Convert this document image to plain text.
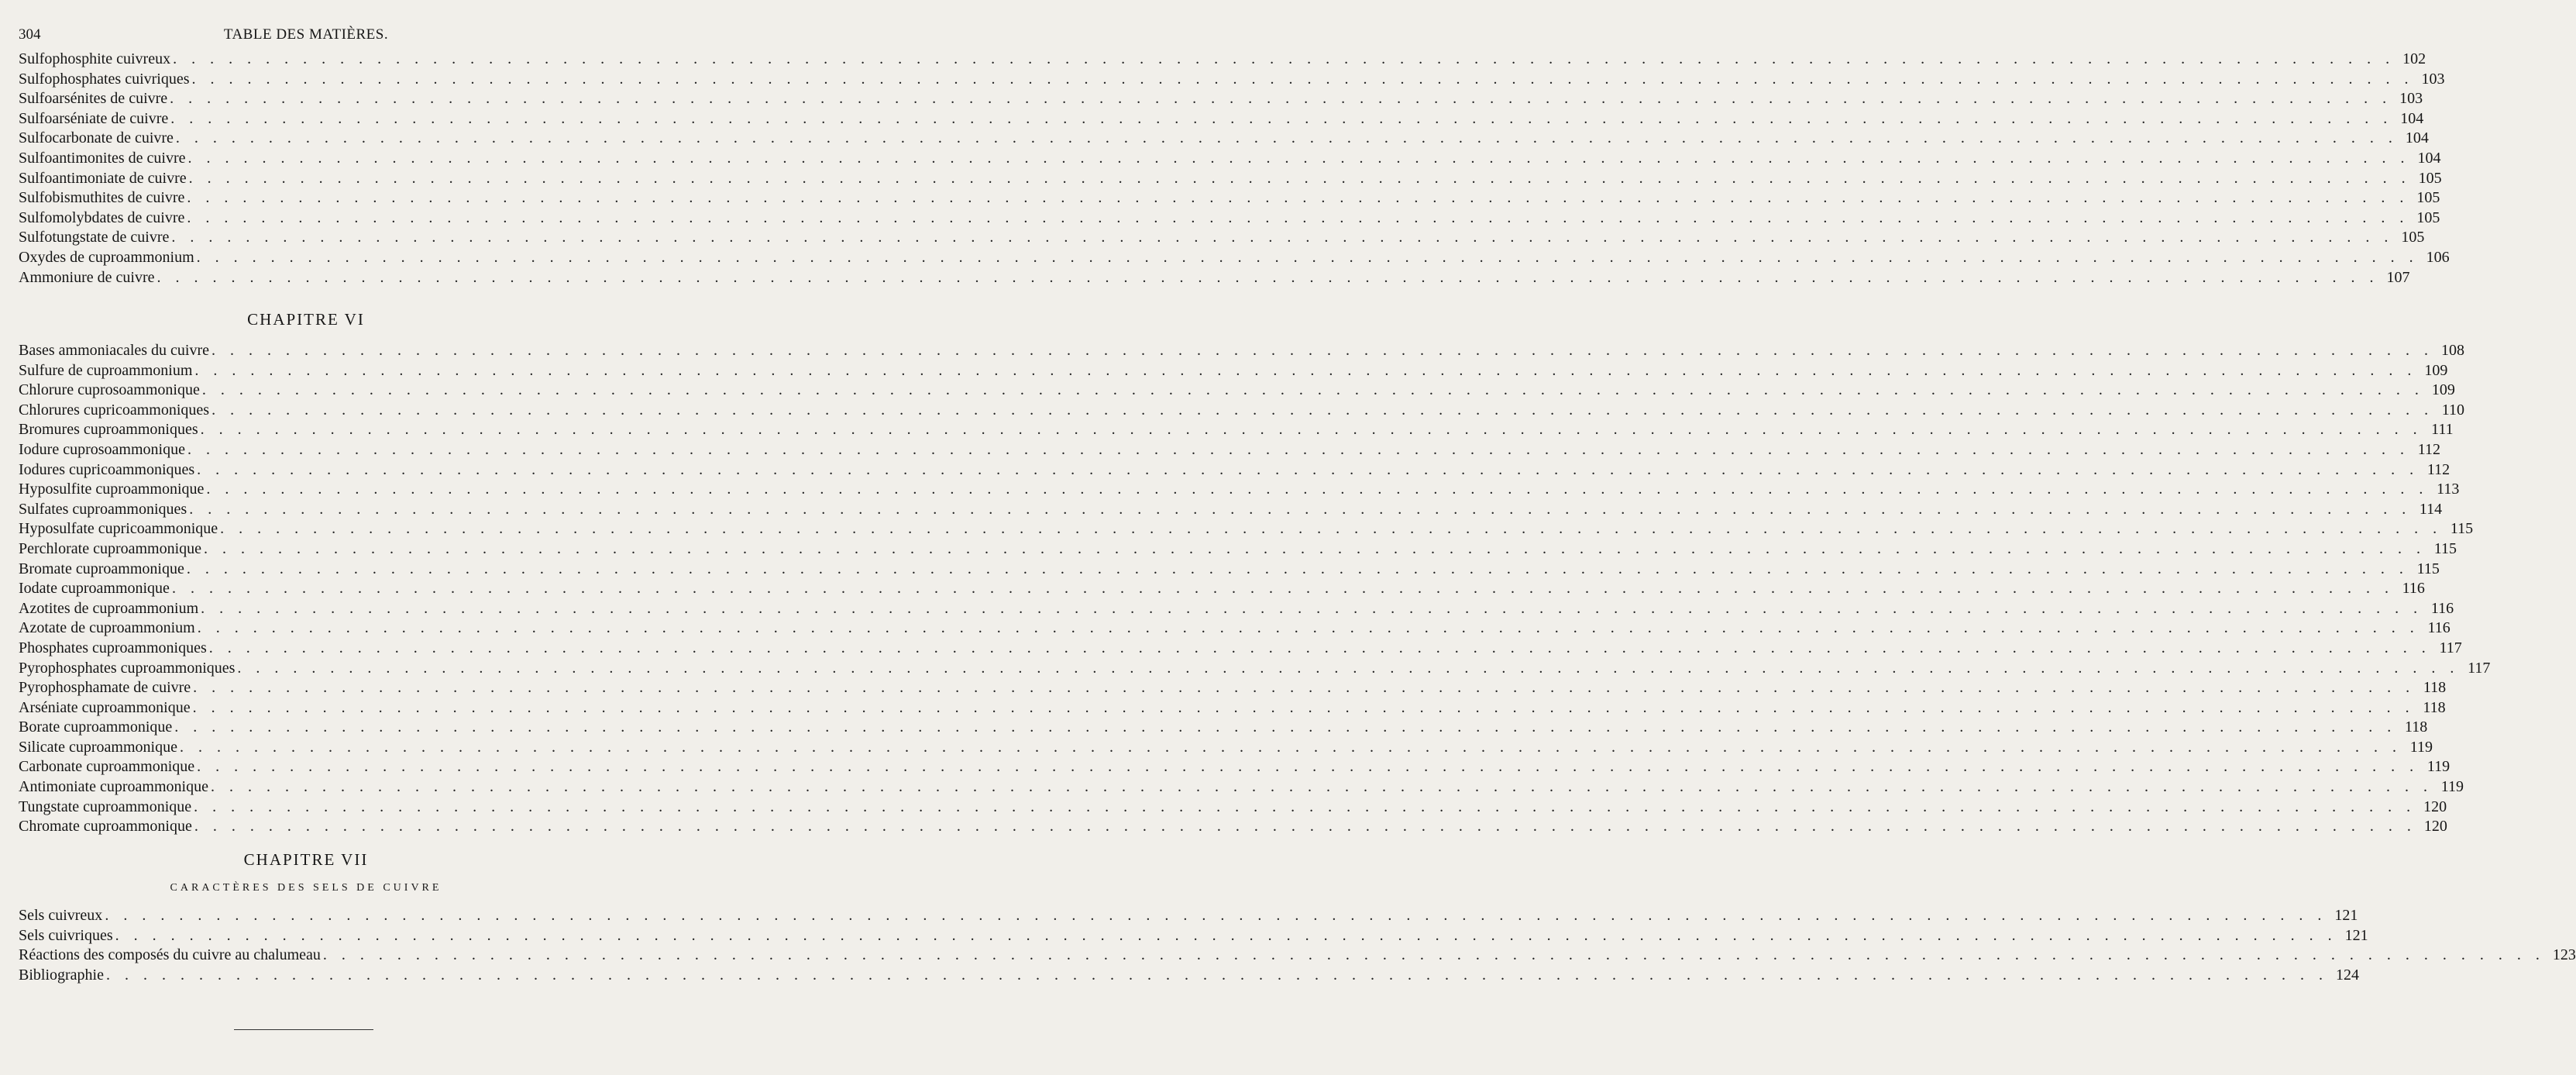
304	TABLE DES MATIÈRES.
Sulfophosphite cuivreux . . . . . . . . . . . . . . . . . . . . . . . . . . . . . . . . . . . . . . . . . . . . . . . . . . . . . . . . . . . . . . . . . . . . . . . . . . . . . . . . . . . . . . . . . . . . . . . . . . . . . . . . . . . . . . . . . . . . . . . . 102
Sulfophosphates cuivriques . . . . . . . . . . . . . . . . . . . . . . . . . . . . . . . . . . . . . . . . . . . . . . . . . . . . . . . . . . . . . . . . . . . . . . . . . . . . . . . . . . . . . . . . . . . . . . . . . . . . . . . . . . . . . . . . . . . . . . . . 103
Sulfoarsénites de cuivre . . . . . . . . . . . . . . . . . . . . . . . . . . . . . . . . . . . . . . . . . . . . . . . . . . . . . . . . . . . . . . . . . . . . . . . . . . . . . . . . . . . . . . . . . . . . . . . . . . . . . . . . . . . . . . . . . . . . . . . . 103
Sulfoarséniate de cuivre . . . . . . . . . . . . . . . . . . . . . . . . . . . . . . . . . . . . . . . . . . . . . . . . . . . . . . . . . . . . . . . . . . . . . . . . . . . . . . . . . . . . . . . . . . . . . . . . . . . . . . . . . . . . . . . . . . . . . . . . 104
Sulfocarbonate de cuivre . . . . . . . . . . . . . . . . . . . . . . . . . . . . . . . . . . . . . . . . . . . . . . . . . . . . . . . . . . . . . . . . . . . . . . . . . . . . . . . . . . . . . . . . . . . . . . . . . . . . . . . . . . . . . . . . . . . . . . . . 104
Sulfoantimonites de cuivre . . . . . . . . . . . . . . . . . . . . . . . . . . . . . . . . . . . . . . . . . . . . . . . . . . . . . . . . . . . . . . . . . . . . . . . . . . . . . . . . . . . . . . . . . . . . . . . . . . . . . . . . . . . . . . . . . . . . . . . . 104
Sulfoantimoniate de cuivre . . . . . . . . . . . . . . . . . . . . . . . . . . . . . . . . . . . . . . . . . . . . . . . . . . . . . . . . . . . . . . . . . . . . . . . . . . . . . . . . . . . . . . . . . . . . . . . . . . . . . . . . . . . . . . . . . . . . . . . . 105
Sulfobismuthites de cuivre . . . . . . . . . . . . . . . . . . . . . . . . . . . . . . . . . . . . . . . . . . . . . . . . . . . . . . . . . . . . . . . . . . . . . . . . . . . . . . . . . . . . . . . . . . . . . . . . . . . . . . . . . . . . . . . . . . . . . . . . 105
Sulfomolybdates de cuivre . . . . . . . . . . . . . . . . . . . . . . . . . . . . . . . . . . . . . . . . . . . . . . . . . . . . . . . . . . . . . . . . . . . . . . . . . . . . . . . . . . . . . . . . . . . . . . . . . . . . . . . . . . . . . . . . . . . . . . . . 105
Sulfotungstate de cuivre . . . . . . . . . . . . . . . . . . . . . . . . . . . . . . . . . . . . . . . . . . . . . . . . . . . . . . . . . . . . . . . . . . . . . . . . . . . . . . . . . . . . . . . . . . . . . . . . . . . . . . . . . . . . . . . . . . . . . . . . 105
Oxydes de cuproammonium . . . . . . . . . . . . . . . . . . . . . . . . . . . . . . . . . . . . . . . . . . . . . . . . . . . . . . . . . . . . . . . . . . . . . . . . . . . . . . . . . . . . . . . . . . . . . . . . . . . . . . . . . . . . . . . . . . . . . . . . 106
Ammoniure de cuivre . . . . . . . . . . . . . . . . . . . . . . . . . . . . . . . . . . . . . . . . . . . . . . . . . . . . . . . . . . . . . . . . . . . . . . . . . . . . . . . . . . . . . . . . . . . . . . . . . . . . . . . . . . . . . . . . . . . . . . . . 107
CHAPITRE VI
Bases ammoniacales du cuivre . . . . . . . . . . . . . . . . . . . . . . . . . . . . . . . . . . . . . . . . . . . . . . . . . . . . . . . . . . . . . . . . . . . . . . . . . . . . . . . . . . . . . . . . . . . . . . . . . . . . . . . . . . . . . . . . . . . . . . . . 108
Sulfure de cuproammonium . . . . . . . . . . . . . . . . . . . . . . . . . . . . . . . . . . . . . . . . . . . . . . . . . . . . . . . . . . . . . . . . . . . . . . . . . . . . . . . . . . . . . . . . . . . . . . . . . . . . . . . . . . . . . . . . . . . . . . . . 109
Chlorure cuprosoammonique . . . . . . . . . . . . . . . . . . . . . . . . . . . . . . . . . . . . . . . . . . . . . . . . . . . . . . . . . . . . . . . . . . . . . . . . . . . . . . . . . . . . . . . . . . . . . . . . . . . . . . . . . . . . . . . . . . . . . . . . 109
Chlorures cupricoammoniques . . . . . . . . . . . . . . . . . . . . . . . . . . . . . . . . . . . . . . . . . . . . . . . . . . . . . . . . . . . . . . . . . . . . . . . . . . . . . . . . . . . . . . . . . . . . . . . . . . . . . . . . . . . . . . . . . . . . . . . . 110
Bromures cuproammoniques . . . . . . . . . . . . . . . . . . . . . . . . . . . . . . . . . . . . . . . . . . . . . . . . . . . . . . . . . . . . . . . . . . . . . . . . . . . . . . . . . . . . . . . . . . . . . . . . . . . . . . . . . . . . . . . . . . . . . . . . 111
Iodure cuprosoammonique . . . . . . . . . . . . . . . . . . . . . . . . . . . . . . . . . . . . . . . . . . . . . . . . . . . . . . . . . . . . . . . . . . . . . . . . . . . . . . . . . . . . . . . . . . . . . . . . . . . . . . . . . . . . . . . . . . . . . . . . 112
Iodures cupricoammoniques . . . . . . . . . . . . . . . . . . . . . . . . . . . . . . . . . . . . . . . . . . . . . . . . . . . . . . . . . . . . . . . . . . . . . . . . . . . . . . . . . . . . . . . . . . . . . . . . . . . . . . . . . . . . . . . . . . . . . . . . 112
Hyposulfite cuproammonique . . . . . . . . . . . . . . . . . . . . . . . . . . . . . . . . . . . . . . . . . . . . . . . . . . . . . . . . . . . . . . . . . . . . . . . . . . . . . . . . . . . . . . . . . . . . . . . . . . . . . . . . . . . . . . . . . . . . . . . . 113
Sulfates cuproammoniques . . . . . . . . . . . . . . . . . . . . . . . . . . . . . . . . . . . . . . . . . . . . . . . . . . . . . . . . . . . . . . . . . . . . . . . . . . . . . . . . . . . . . . . . . . . . . . . . . . . . . . . . . . . . . . . . . . . . . . . . 114
Hyposulfate cupricoammonique . . . . . . . . . . . . . . . . . . . . . . . . . . . . . . . . . . . . . . . . . . . . . . . . . . . . . . . . . . . . . . . . . . . . . . . . . . . . . . . . . . . . . . . . . . . . . . . . . . . . . . . . . . . . . . . . . . . . . . . . 115
Perchlorate cuproammonique . . . . . . . . . . . . . . . . . . . . . . . . . . . . . . . . . . . . . . . . . . . . . . . . . . . . . . . . . . . . . . . . . . . . . . . . . . . . . . . . . . . . . . . . . . . . . . . . . . . . . . . . . . . . . . . . . . . . . . . . 115
Bromate cuproammonique . . . . . . . . . . . . . . . . . . . . . . . . . . . . . . . . . . . . . . . . . . . . . . . . . . . . . . . . . . . . . . . . . . . . . . . . . . . . . . . . . . . . . . . . . . . . . . . . . . . . . . . . . . . . . . . . . . . . . . . . 115
Iodate cuproammonique . . . . . . . . . . . . . . . . . . . . . . . . . . . . . . . . . . . . . . . . . . . . . . . . . . . . . . . . . . . . . . . . . . . . . . . . . . . . . . . . . . . . . . . . . . . . . . . . . . . . . . . . . . . . . . . . . . . . . . . . 116
Azotites de cuproammonium . . . . . . . . . . . . . . . . . . . . . . . . . . . . . . . . . . . . . . . . . . . . . . . . . . . . . . . . . . . . . . . . . . . . . . . . . . . . . . . . . . . . . . . . . . . . . . . . . . . . . . . . . . . . . . . . . . . . . . . . 116
Azotate de cuproammonium . . . . . . . . . . . . . . . . . . . . . . . . . . . . . . . . . . . . . . . . . . . . . . . . . . . . . . . . . . . . . . . . . . . . . . . . . . . . . . . . . . . . . . . . . . . . . . . . . . . . . . . . . . . . . . . . . . . . . . . . 116
Phosphates cuproammoniques . . . . . . . . . . . . . . . . . . . . . . . . . . . . . . . . . . . . . . . . . . . . . . . . . . . . . . . . . . . . . . . . . . . . . . . . . . . . . . . . . . . . . . . . . . . . . . . . . . . . . . . . . . . . . . . . . . . . . . . . 117
Pyrophosphates cuproammoniques . . . . . . . . . . . . . . . . . . . . . . . . . . . . . . . . . . . . . . . . . . . . . . . . . . . . . . . . . . . . . . . . . . . . . . . . . . . . . . . . . . . . . . . . . . . . . . . . . . . . . . . . . . . . . . . . . . . . . . . . 117
Pyrophosphamate de cuivre . . . . . . . . . . . . . . . . . . . . . . . . . . . . . . . . . . . . . . . . . . . . . . . . . . . . . . . . . . . . . . . . . . . . . . . . . . . . . . . . . . . . . . . . . . . . . . . . . . . . . . . . . . . . . . . . . . . . . . . . 118
Arséniate cuproammonique . . . . . . . . . . . . . . . . . . . . . . . . . . . . . . . . . . . . . . . . . . . . . . . . . . . . . . . . . . . . . . . . . . . . . . . . . . . . . . . . . . . . . . . . . . . . . . . . . . . . . . . . . . . . . . . . . . . . . . . . 118
Borate cuproammonique . . . . . . . . . . . . . . . . . . . . . . . . . . . . . . . . . . . . . . . . . . . . . . . . . . . . . . . . . . . . . . . . . . . . . . . . . . . . . . . . . . . . . . . . . . . . . . . . . . . . . . . . . . . . . . . . . . . . . . . . 118
Silicate cuproammonique . . . . . . . . . . . . . . . . . . . . . . . . . . . . . . . . . . . . . . . . . . . . . . . . . . . . . . . . . . . . . . . . . . . . . . . . . . . . . . . . . . . . . . . . . . . . . . . . . . . . . . . . . . . . . . . . . . . . . . . . 119
Carbonate cuproammonique . . . . . . . . . . . . . . . . . . . . . . . . . . . . . . . . . . . . . . . . . . . . . . . . . . . . . . . . . . . . . . . . . . . . . . . . . . . . . . . . . . . . . . . . . . . . . . . . . . . . . . . . . . . . . . . . . . . . . . . . 119
Antimoniate cuproammonique . . . . . . . . . . . . . . . . . . . . . . . . . . . . . . . . . . . . . . . . . . . . . . . . . . . . . . . . . . . . . . . . . . . . . . . . . . . . . . . . . . . . . . . . . . . . . . . . . . . . . . . . . . . . . . . . . . . . . . . . 119
Tungstate cuproammonique . . . . . . . . . . . . . . . . . . . . . . . . . . . . . . . . . . . . . . . . . . . . . . . . . . . . . . . . . . . . . . . . . . . . . . . . . . . . . . . . . . . . . . . . . . . . . . . . . . . . . . . . . . . . . . . . . . . . . . . . 120
Chromate cuproammonique . . . . . . . . . . . . . . . . . . . . . . . . . . . . . . . . . . . . . . . . . . . . . . . . . . . . . . . . . . . . . . . . . . . . . . . . . . . . . . . . . . . . . . . . . . . . . . . . . . . . . . . . . . . . . . . . . . . . . . . . 120
CHAPITRE VII
CARACTÈRES DES SELS DE CUIVRE
Sels cuivreux . . . . . . . . . . . . . . . . . . . . . . . . . . . . . . . . . . . . . . . . . . . . . . . . . . . . . . . . . . . . . . . . . . . . . . . . . . . . . . . . . . . . . . . . . . . . . . . . . . . . . . . . . . . . . . . . . . . . . . . . 121
Sels cuivriques . . . . . . . . . . . . . . . . . . . . . . . . . . . . . . . . . . . . . . . . . . . . . . . . . . . . . . . . . . . . . . . . . . . . . . . . . . . . . . . . . . . . . . . . . . . . . . . . . . . . . . . . . . . . . . . . . . . . . . . . 121
Réactions des composés du cuivre au chalumeau . . . . . . . . . . . . . . . . . . . . . . . . . . . . . . . . . . . . . . . . . . . . . . . . . . . . . . . . . . . . . . . . . . . . . . . . . . . . . . . . . . . . . . . . . . . . . . . . . . . . . . . . . . . . . . . . . . . . . . . . 123
Bibliographie . . . . . . . . . . . . . . . . . . . . . . . . . . . . . . . . . . . . . . . . . . . . . . . . . . . . . . . . . . . . . . . . . . . . . . . . . . . . . . . . . . . . . . . . . . . . . . . . . . . . . . . . . . . . . . . . . . . . . . . . 124
